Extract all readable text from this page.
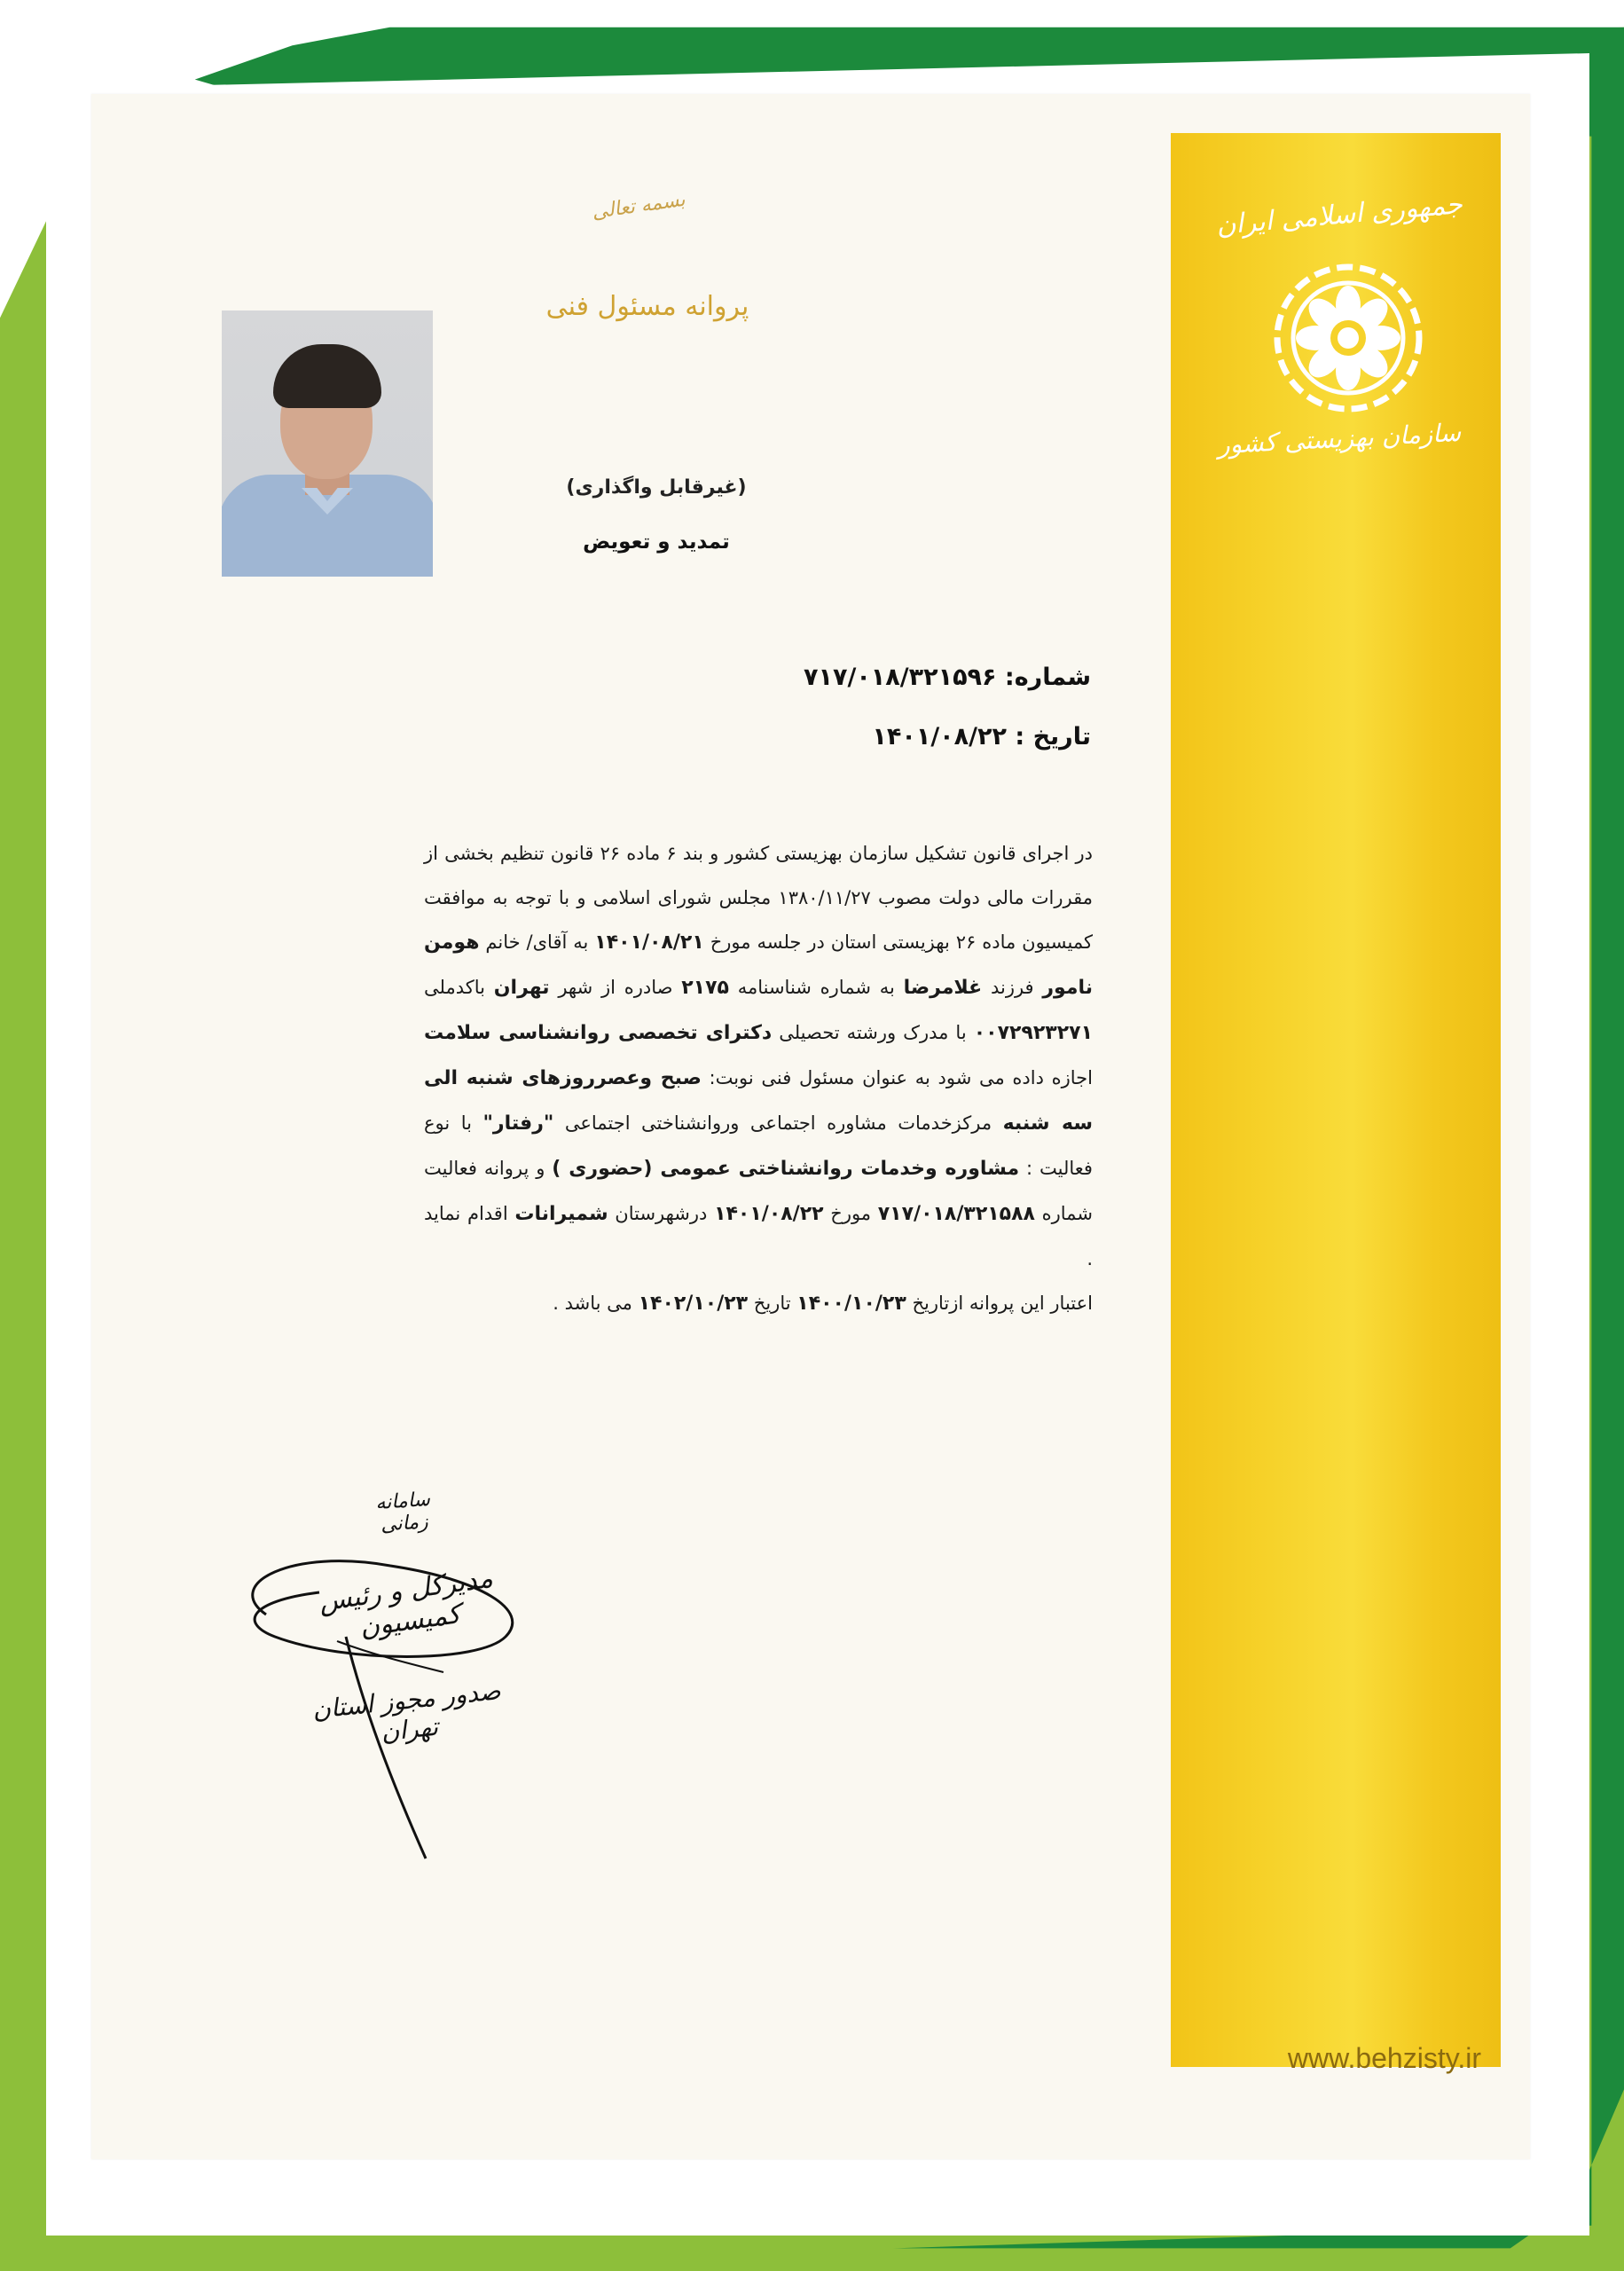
جمهوری اسلامی ایران
سازمان بهزیستی کشور
www.behzisty.ir
بسمه تعالی
پروانه مسئول فنی
(غیرقابل واگذاری)
تمدید و تعویض
شماره: ۷۱۷/۰۱۸/۳۲۱۵۹۶
تاریخ : ۱۴۰۱/۰۸/۲۲
در اجرای قانون تشکیل سازمان بهزیستی کشور و بند ۶ ماده ۲۶ قانون تنظیم بخشی از مقررات مالی دولت مصوب ۱۳۸۰/۱۱/۲۷ مجلس شورای اسلامی و با توجه به موافقت کمیسیون ماده ۲۶ بهزیستی استان در جلسه مورخ ۱۴۰۱/۰۸/۲۱ به آقای/ خانم هومن نامور فرزند غلامرضا به شماره شناسنامه ۲۱۷۵ صادره از شهر تهران باکدملی ۰۰۷۲۹۲۳۲۷۱ با مدرک ورشته تحصیلی دکترای تخصصی روانشناسی سلامت اجازه داده می شود به عنوان مسئول فنی نوبت: صبح وعصرروزهای شنبه الی سه شنبه مرکزخدمات مشاوره اجتماعی وروانشناختی اجتماعی "رفتار" با نوع فعالیت : مشاوره وخدمات روانشناختی عمومی (حضوری ) و پروانه فعالیت شماره ۷۱۷/۰۱۸/۳۲۱۵۸۸ مورخ ۱۴۰۱/۰۸/۲۲ درشهرستان شمیرانات اقدام نماید .
اعتبار این پروانه ازتاریخ ۱۴۰۰/۱۰/۲۳ تاریخ ۱۴۰۲/۱۰/۲۳ می باشد .
سامانه زمانی
مدیرکل و رئیس کمیسیون
صدور مجوز استان تهران
